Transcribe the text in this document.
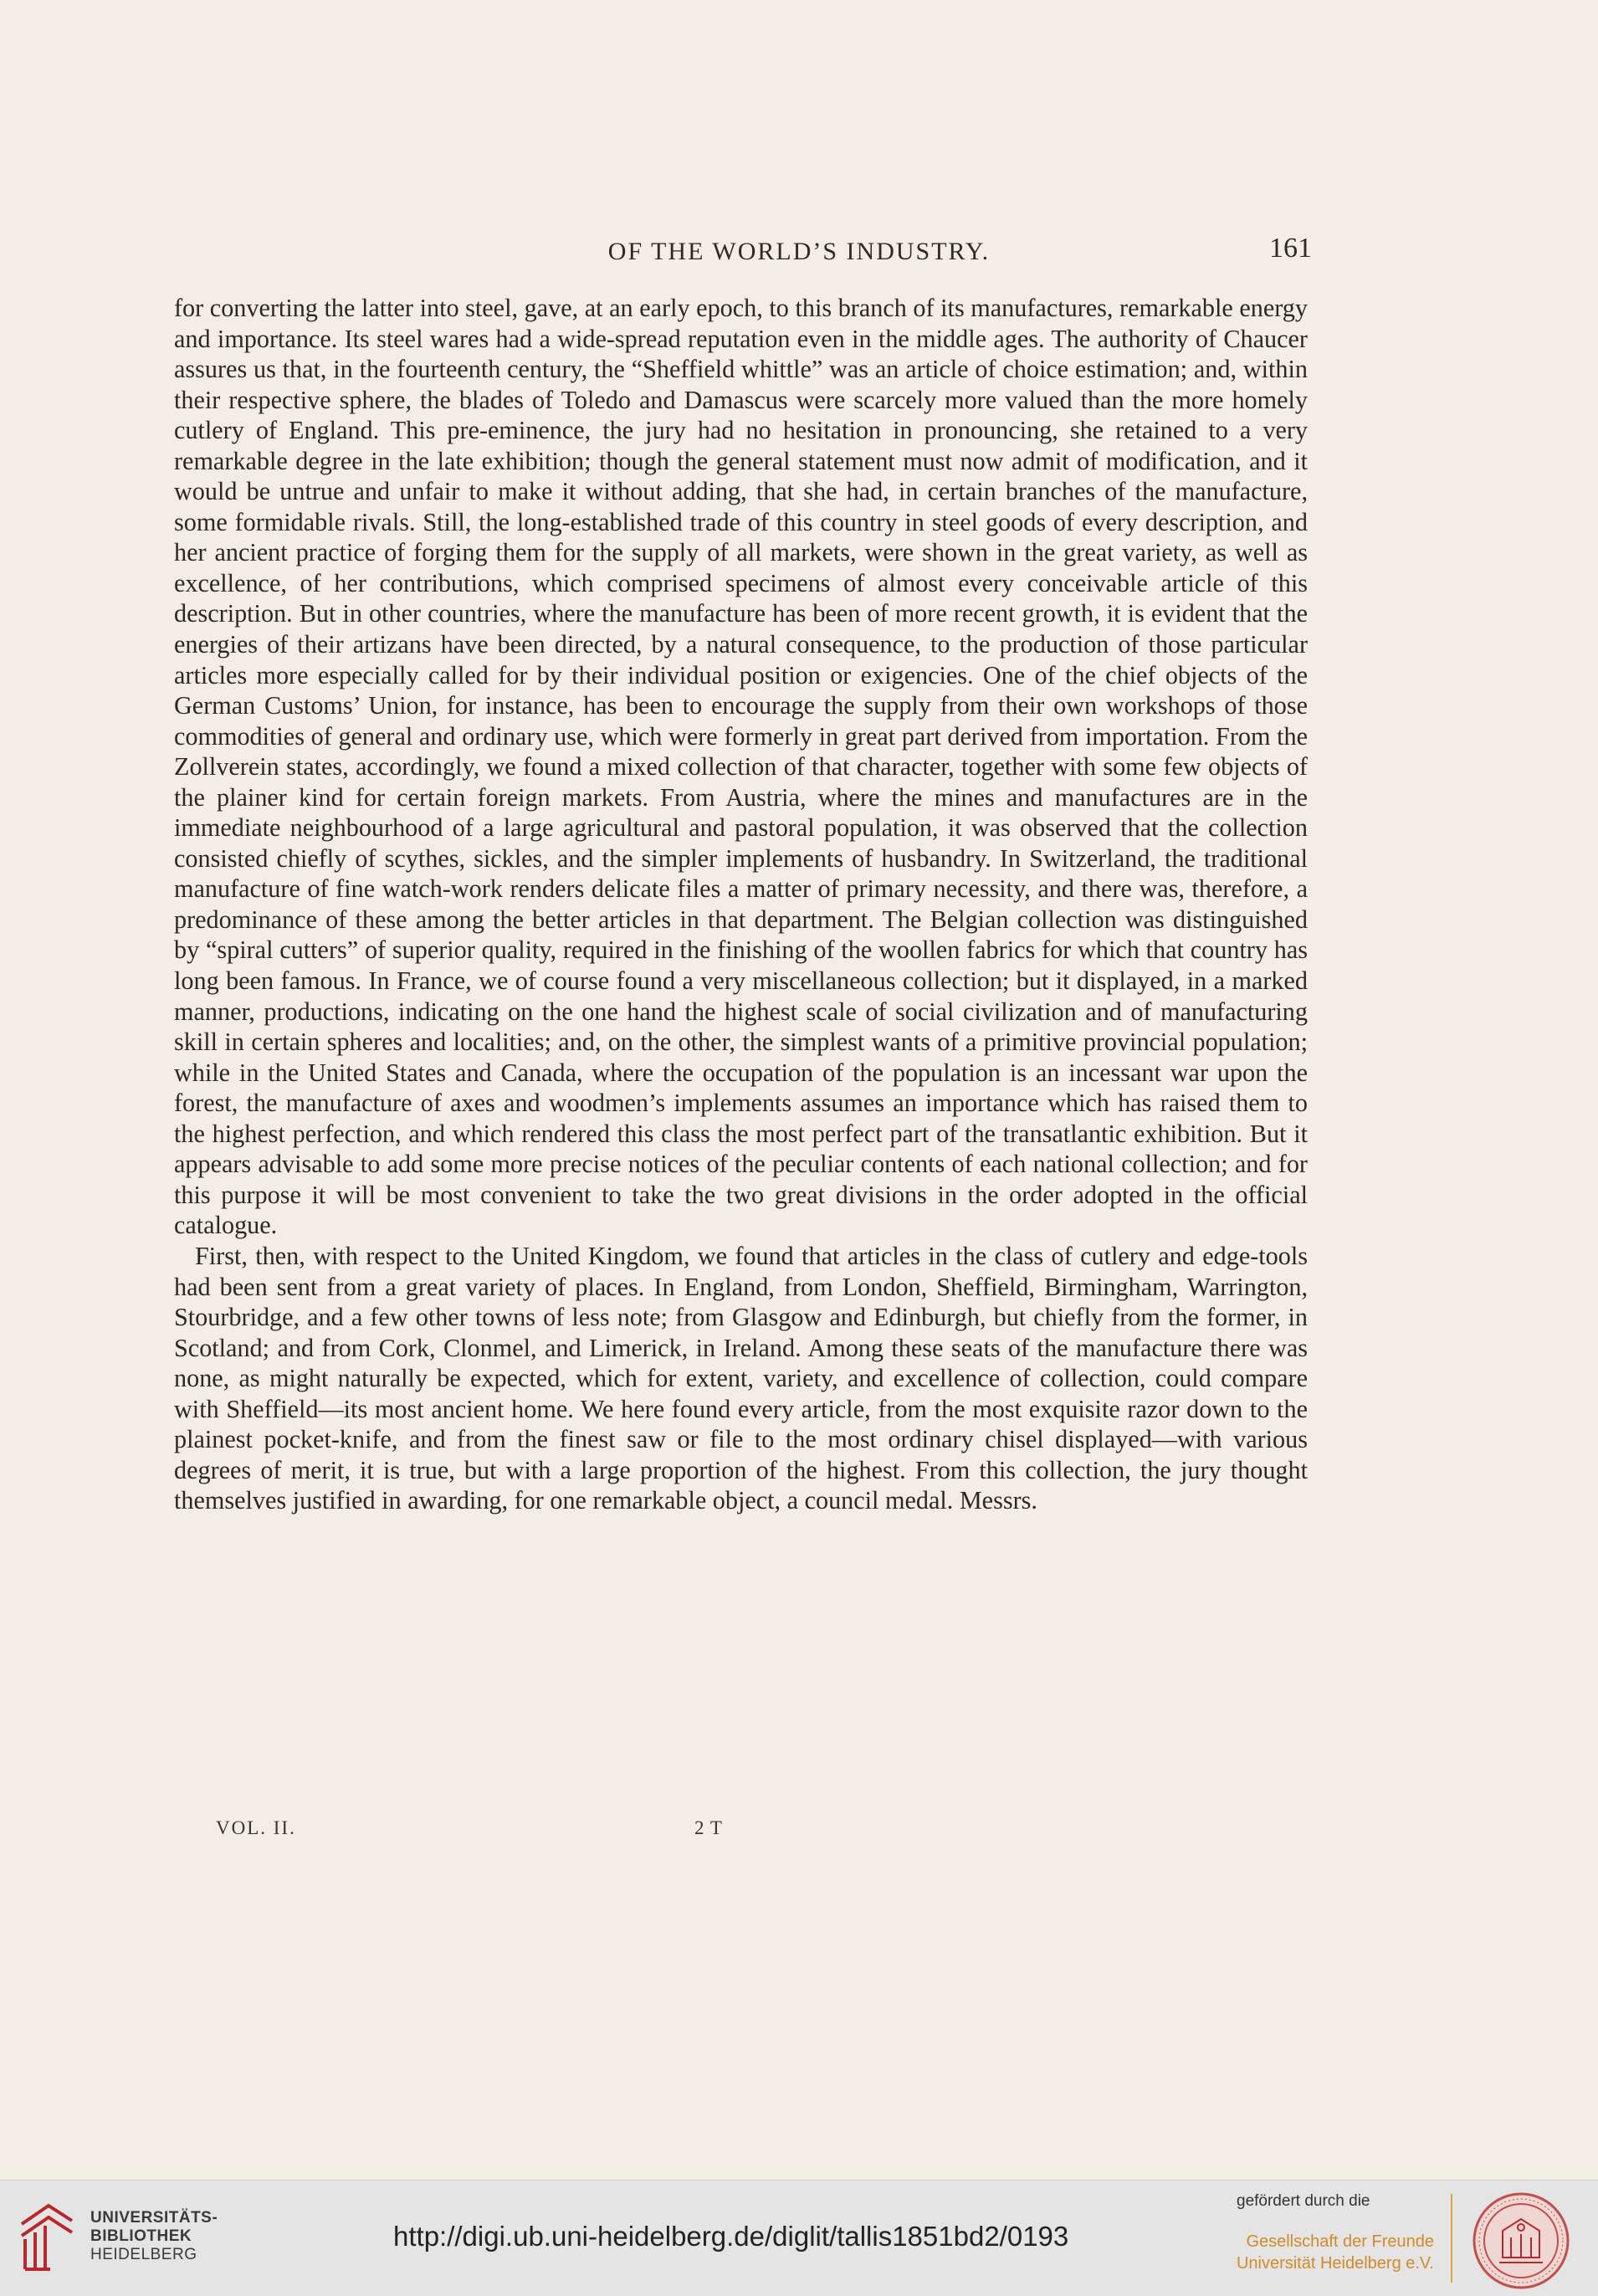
OF THE WORLD’S INDUSTRY.	161

for converting the latter into steel, gave, at an early epoch, to this branch of its manufactures, remarkable energy and importance. Its steel wares had a wide-spread reputation even in the middle ages. The authority of Chaucer assures us that, in the fourteenth century, the “Sheffield whittle” was an article of choice estimation; and, within their respective sphere, the blades of Toledo and Damascus were scarcely more valued than the more homely cutlery of England. This pre-eminence, the jury had no hesitation in pronouncing, she retained to a very remarkable degree in the late exhibition; though the general statement must now admit of modification, and it would be untrue and unfair to make it without adding, that she had, in certain branches of the manufacture, some formidable rivals. Still, the long-established trade of this country in steel goods of every description, and her ancient practice of forging them for the supply of all markets, were shown in the great variety, as well as excellence, of her contributions, which comprised specimens of almost every conceivable article of this description. But in other countries, where the manufacture has been of more recent growth, it is evident that the energies of their artizans have been directed, by a natural consequence, to the production of those particular articles more especially called for by their individual position or exigencies. One of the chief objects of the German Customs’ Union, for instance, has been to encourage the supply from their own workshops of those commodities of general and ordinary use, which were formerly in great part derived from importation. From the Zollverein states, accordingly, we found a mixed collection of that character, together with some few objects of the plainer kind for certain foreign markets. From Austria, where the mines and manufactures are in the immediate neighbourhood of a large agricultural and pastoral population, it was observed that the collection consisted chiefly of scythes, sickles, and the simpler implements of husbandry. In Switzerland, the traditional manufacture of fine watch-work renders delicate files a matter of primary necessity, and there was, therefore, a predominance of these among the better articles in that department. The Belgian collection was distinguished by “spiral cutters” of superior quality, required in the finishing of the woollen fabrics for which that country has long been famous. In France, we of course found a very miscellaneous collection; but it displayed, in a marked manner, productions, indicating on the one hand the highest scale of social civilization and of manufacturing skill in certain spheres and localities; and, on the other, the simplest wants of a primitive provincial population; while in the United States and Canada, where the occupation of the population is an incessant war upon the forest, the manufacture of axes and woodmen’s implements assumes an importance which has raised them to the highest perfection, and which rendered this class the most perfect part of the transatlantic exhibition. But it appears advisable to add some more precise notices of the peculiar contents of each national collection; and for this purpose it will be most convenient to take the two great divisions in the order adopted in the official catalogue.

First, then, with respect to the United Kingdom, we found that articles in the class of cutlery and edge-tools had been sent from a great variety of places. In England, from London, Sheffield, Birmingham, Warrington, Stourbridge, and a few other towns of less note; from Glasgow and Edinburgh, but chiefly from the former, in Scotland; and from Cork, Clonmel, and Limerick, in Ireland. Among these seats of the manufacture there was none, as might naturally be expected, which for extent, variety, and excellence of collection, could compare with Sheffield—its most ancient home. We here found every article, from the most exquisite razor down to the plainest pocket-knife, and from the finest saw or file to the most ordinary chisel displayed—with various degrees of merit, it is true, but with a large proportion of the highest. From this collection, the jury thought themselves justified in awarding, for one remarkable object, a council medal. Messrs.

VOL. II.	2 T
UNIVERSITÄTS-
BIBLIOTHEK
HEIDELBERG
http://digi.ub.uni-heidelberg.de/diglit/tallis1851bd2/0193
gefördert durch die
Gesellschaft der Freunde
Universität Heidelberg e.V.
